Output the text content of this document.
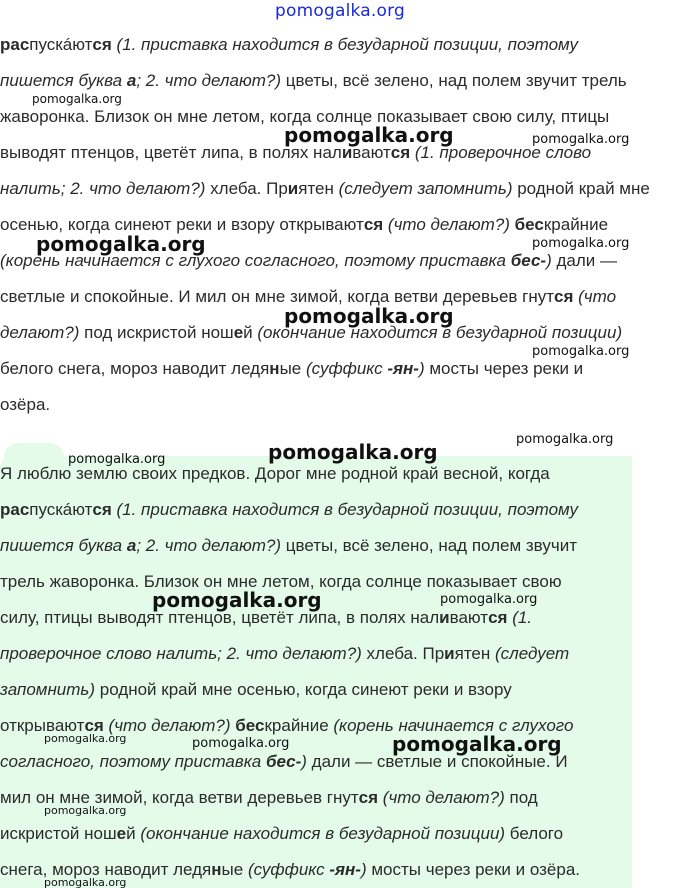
pomogalka.org
распускáются (1. приставка находится в безударной позиции, поэтому
пишется буква а; 2. что делают?) цветы, всё зелено, над полем звучит трель
жаворонка. Близок он мне летом, когда солнце показывает свою силу, птицы
выводят птенцов, цветёт липа, в полях наливаются (1. проверочное слово
налить; 2. что делают?) хлеба. Приятен (следует запомнить) родной край мне
осенью, когда синеют реки и взору открываются (что делают?) бескрайние
(корень начинается с глухого согласного, поэтому приставка бес-) дали —
светлые и спокойные. И мил он мне зимой, когда ветви деревьев гнутся (что
делают?) под искристой ношей (окончание находится в безударной позиции)
белого снега, мороз наводит ледяные (суффикс -ян-) мосты через реки и
озёра.
Я люблю землю своих предков. Дорог мне родной край весной, когда
распускáются (1. приставка находится в безударной позиции, поэтому
пишется буква а; 2. что делают?) цветы, всё зелено, над полем звучит
трель жаворонка. Близок он мне летом, когда солнце показывает свою
силу, птицы выводят птенцов, цветёт липа, в полях наливаются (1.
проверочное слово налить; 2. что делают?) хлеба. Приятен (следует
запомнить) родной край мне осенью, когда синеют реки и взору
открываются (что делают?) бескрайние (корень начинается с глухого
согласного, поэтому приставка бес-) дали — светлые и спокойные. И
мил он мне зимой, когда ветви деревьев гнутся (что делают?) под
искристой ношей (окончание находится в безударной позиции) белого
снега, мороз наводит ледяные (суффикс -ян-) мосты через реки и озёра.
pomogalka.org
pomogalka.org	pomogalka.org
pomogalka.org	pomogalka.org
pomogalka.org
pomogalka.org
pomogalka.org
pomogalka.org
pomogalka.org
pomogalka.org	pomogalka.org
pomogalka.org	pomogalka.org	pomogalka.org
pomogalka.org
pomogalka.org
